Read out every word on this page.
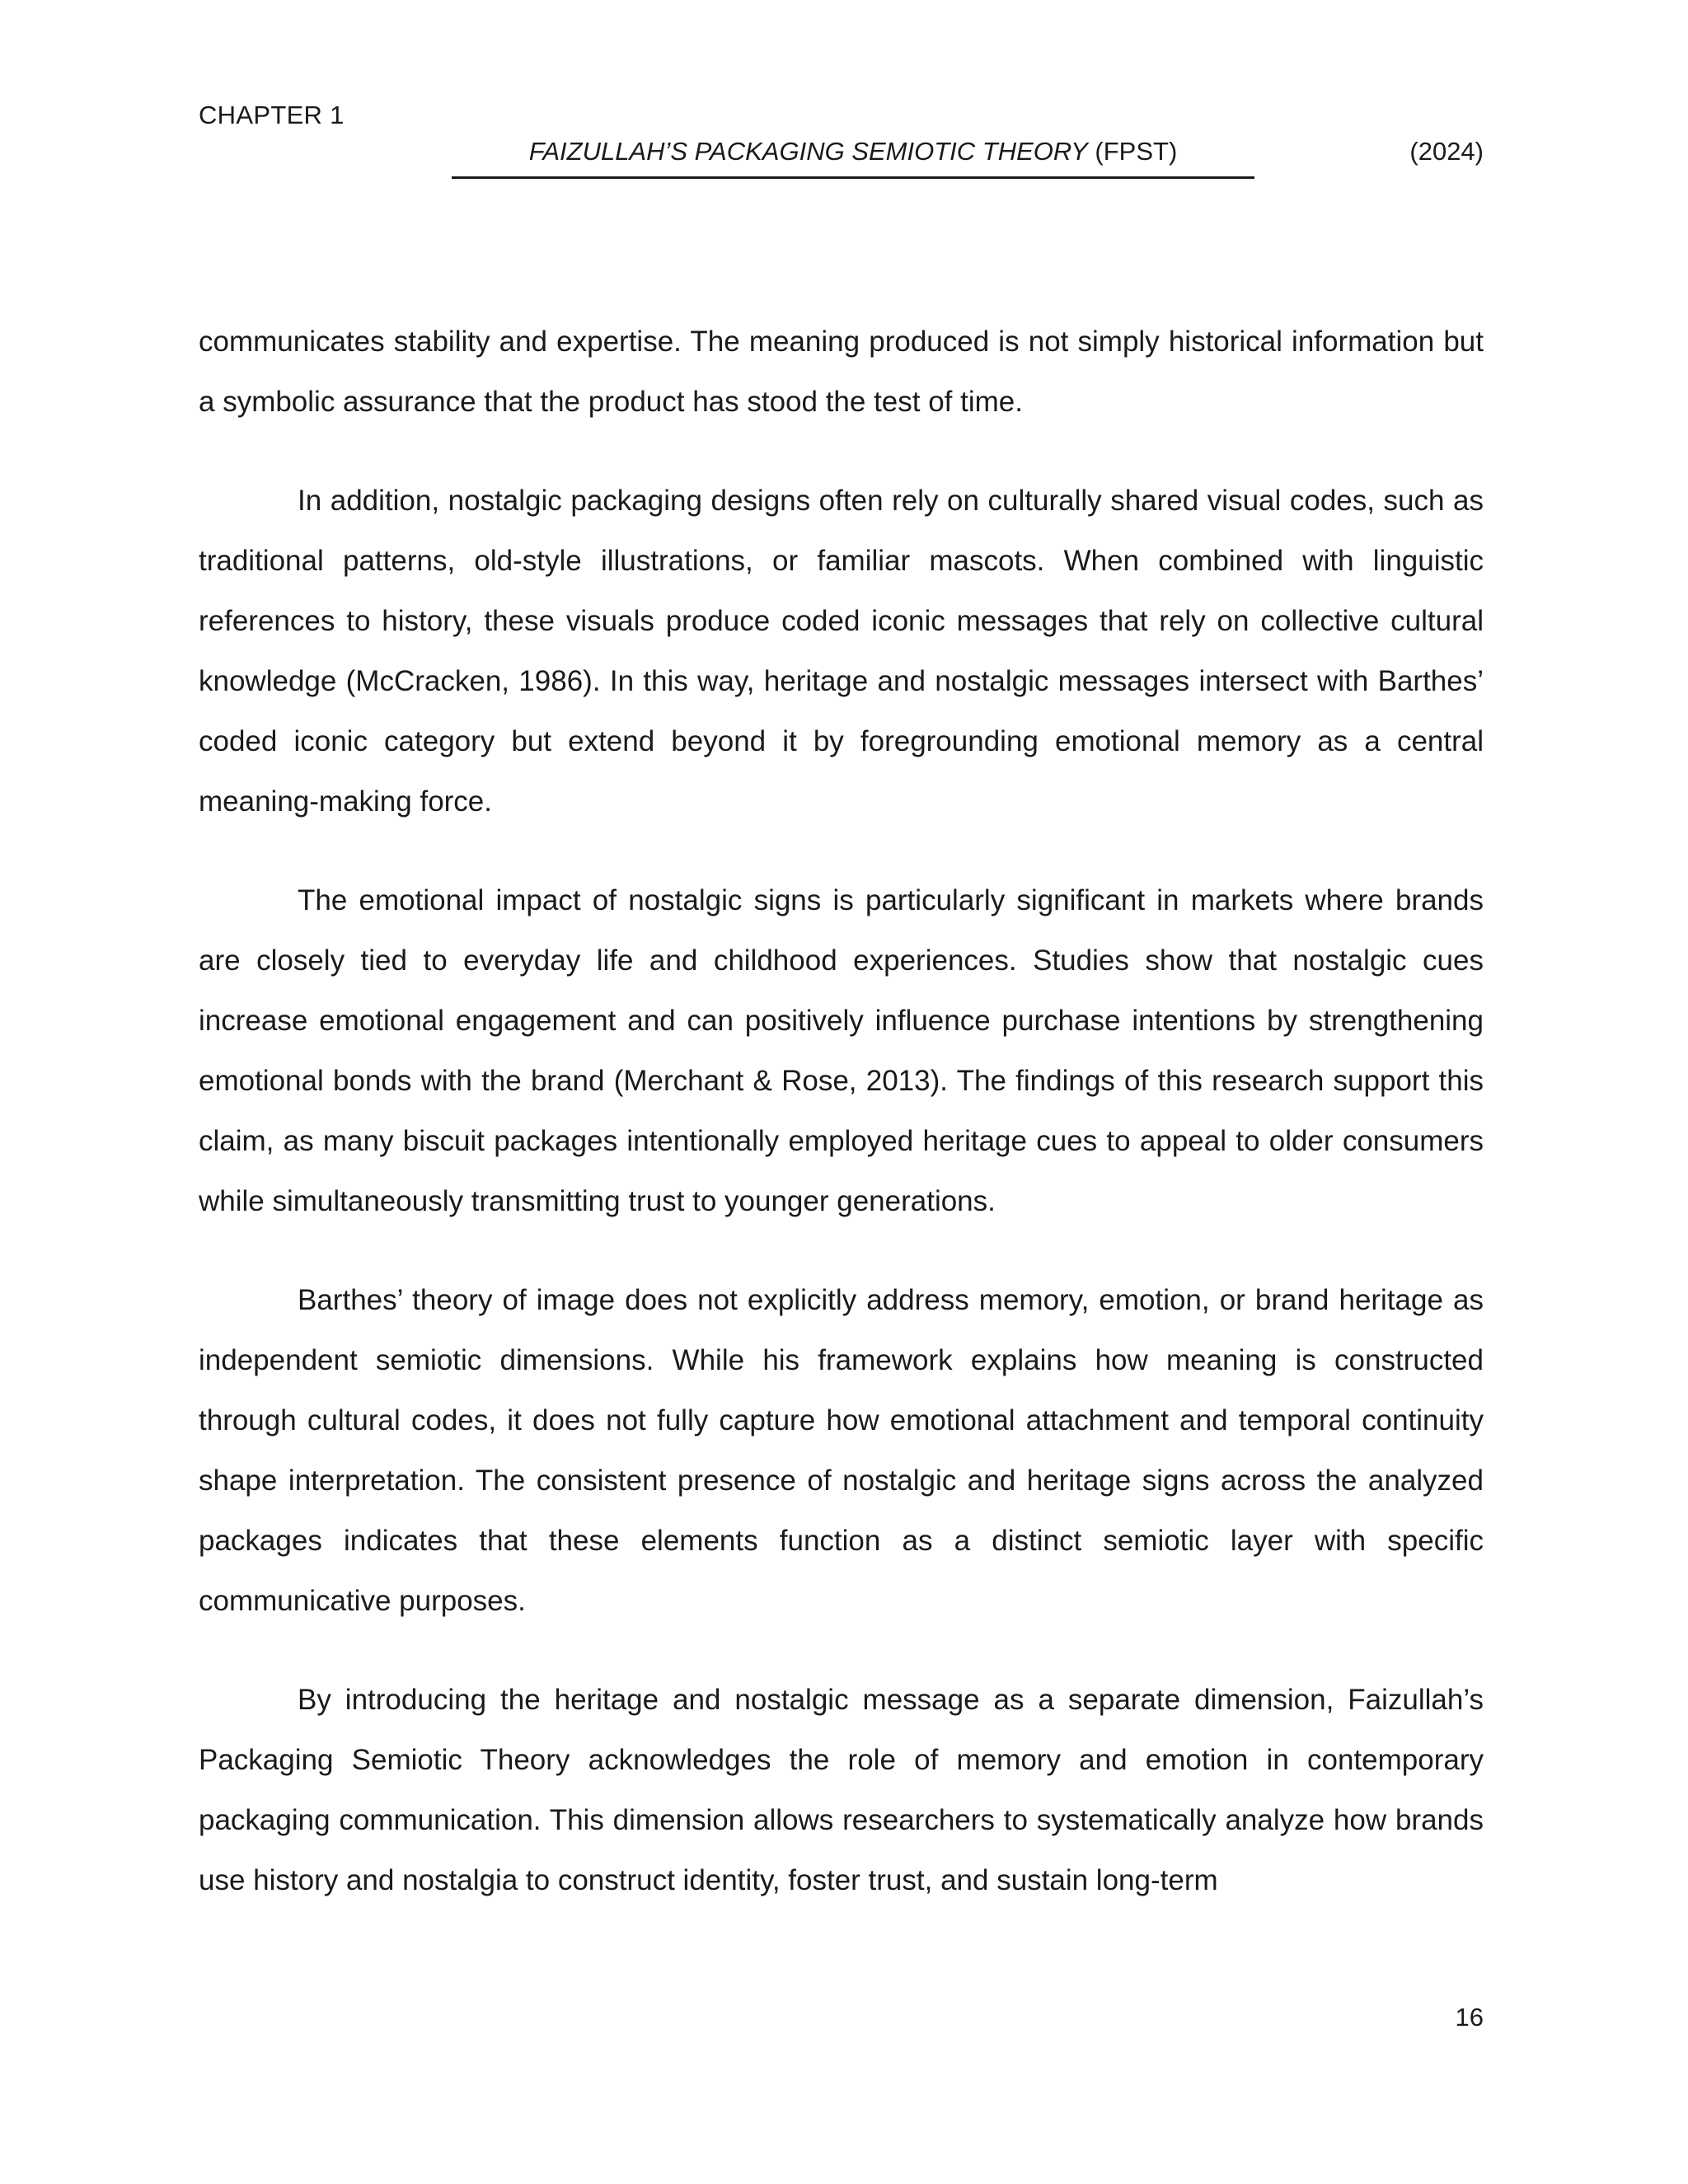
CHAPTER 1
FAIZULLAH’S PACKAGING SEMIOTIC THEORY (FPST)	(2024)

communicates stability and expertise. The meaning produced is not simply historical information but a symbolic assurance that the product has stood the test of time.

In addition, nostalgic packaging designs often rely on culturally shared visual codes, such as traditional patterns, old-style illustrations, or familiar mascots. When combined with linguistic references to history, these visuals produce coded iconic messages that rely on collective cultural knowledge (McCracken, 1986). In this way, heritage and nostalgic messages intersect with Barthes’ coded iconic category but extend beyond it by foregrounding emotional memory as a central meaning-making force.

The emotional impact of nostalgic signs is particularly significant in markets where brands are closely tied to everyday life and childhood experiences. Studies show that nostalgic cues increase emotional engagement and can positively influence purchase intentions by strengthening emotional bonds with the brand (Merchant & Rose, 2013). The findings of this research support this claim, as many biscuit packages intentionally employed heritage cues to appeal to older consumers while simultaneously transmitting trust to younger generations.

Barthes’ theory of image does not explicitly address memory, emotion, or brand heritage as independent semiotic dimensions. While his framework explains how meaning is constructed through cultural codes, it does not fully capture how emotional attachment and temporal continuity shape interpretation. The consistent presence of nostalgic and heritage signs across the analyzed packages indicates that these elements function as a distinct semiotic layer with specific communicative purposes.

By introducing the heritage and nostalgic message as a separate dimension, Faizullah’s Packaging Semiotic Theory acknowledges the role of memory and emotion in contemporary packaging communication. This dimension allows researchers to systematically analyze how brands use history and nostalgia to construct identity, foster trust, and sustain long-term

16
